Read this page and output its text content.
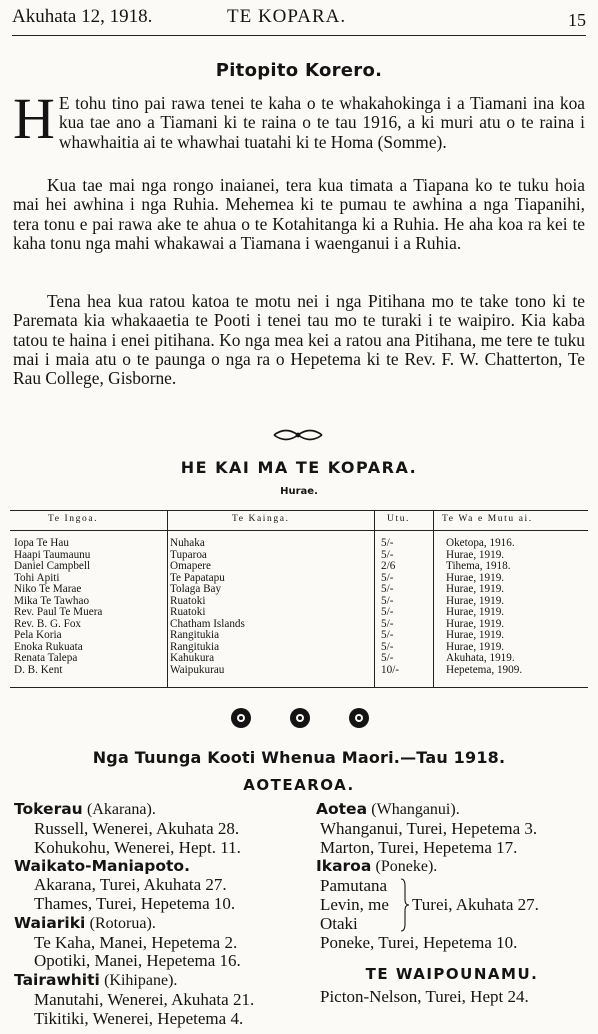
Akuhata 12, 1918.	TE KOPARA.	15
Pitopito Korero.
H E tohu tino pai rawa tenei te kaha o te whakahokinga i a Tiamani ina koa kua tae ano a Tiamani ki te raina o te tau 1916, a ki muri atu o te raina i whawhaitia ai te whawhai tuatahi ki te Homa (Somme).
Kua tae mai nga rongo inaianei, tera kua timata a Tiapana ko te tuku hoia mai hei awhina i nga Ruhia. Mehemea ki te pumau te awhina a nga Tiapanihi, tera tonu e pai rawa ake te ahua o te Kotahitanga ki a Ruhia. He aha koa ra kei te kaha tonu nga mahi whakawai a Tiamana i waenganui i a Ruhia.
Tena hea kua ratou katoa te motu nei i nga Pitihana mo te take tono ki te Paremata kia whakaaetia te Pooti i tenei tau mo te turaki i te waipiro. Kia kaba tatou te haina i enei pitihana. Ko nga mea kei a ratou ana Pitihana, me tere te tuku mai i maia atu o te paunga o nga ra o Hepetema ki te Rev. F. W. Chatterton, Te Rau College, Gisborne.
HE KAI MA TE KOPARA.
Hurae.
Te Ingoa.	Te Kainga.	Utu.	Te Wa e Mutu ai.
Iopa Te Hau	Nuhaka	5/-	Oketopa, 1916.
Haapi Taumaunu	Tuparoa	5/-	Hurae, 1919.
Daniel Campbell	Omapere	2/6	Tihema, 1918.
Tohi Apiti	Te Papatapu	5/-	Hurae, 1919.
Niko Te Marae	Tolaga Bay	5/-	Hurae, 1919.
Mika Te Tawhao	Ruatoki	5/-	Hurae, 1919.
Rev. Paul Te Muera	Ruatoki	5/-	Hurae, 1919.
Rev. B. G. Fox	Chatham Islands	5/-	Hurae, 1919.
Pela Koria	Rangitukia	5/-	Hurae, 1919.
Enoka Rukuata	Rangitukia	5/-	Hurae, 1919.
Renata Talepa	Kahukura	5/-	Akuhata, 1919.
D. B. Kent	Waipukurau	10/-	Hepetema, 1909.
Nga Tuunga Kooti Whenua Maori.—Tau 1918.
AOTEAROA.
Tokerau (Akarana).
Russell, Wenerei, Akuhata 28.
Kohukohu, Wenerei, Hept. 11.
Waikato-Maniapoto.
Akarana, Turei, Akuhata 27.
Thames, Turei, Hepetema 10.
Waiariki (Rotorua).
Te Kaha, Manei, Hepetema 2.
Opotiki, Manei, Hepetema 16.
Tairawhiti (Kihipane).
Manutahi, Wenerei, Akuhata 21.
Tikitiki, Wenerei, Hepetema 4.
Aotea (Whanganui).
Whanganui, Turei, Hepetema 3.
Marton, Turei, Hepetema 17.
Ikaroa (Poneke).
Pamutana
Levin, me
Otaki
Turei, Akuhata 27.
Poneke, Turei, Hepetema 10.
TE WAIPOUNAMU.
Picton-Nelson, Turei, Hept 24.
